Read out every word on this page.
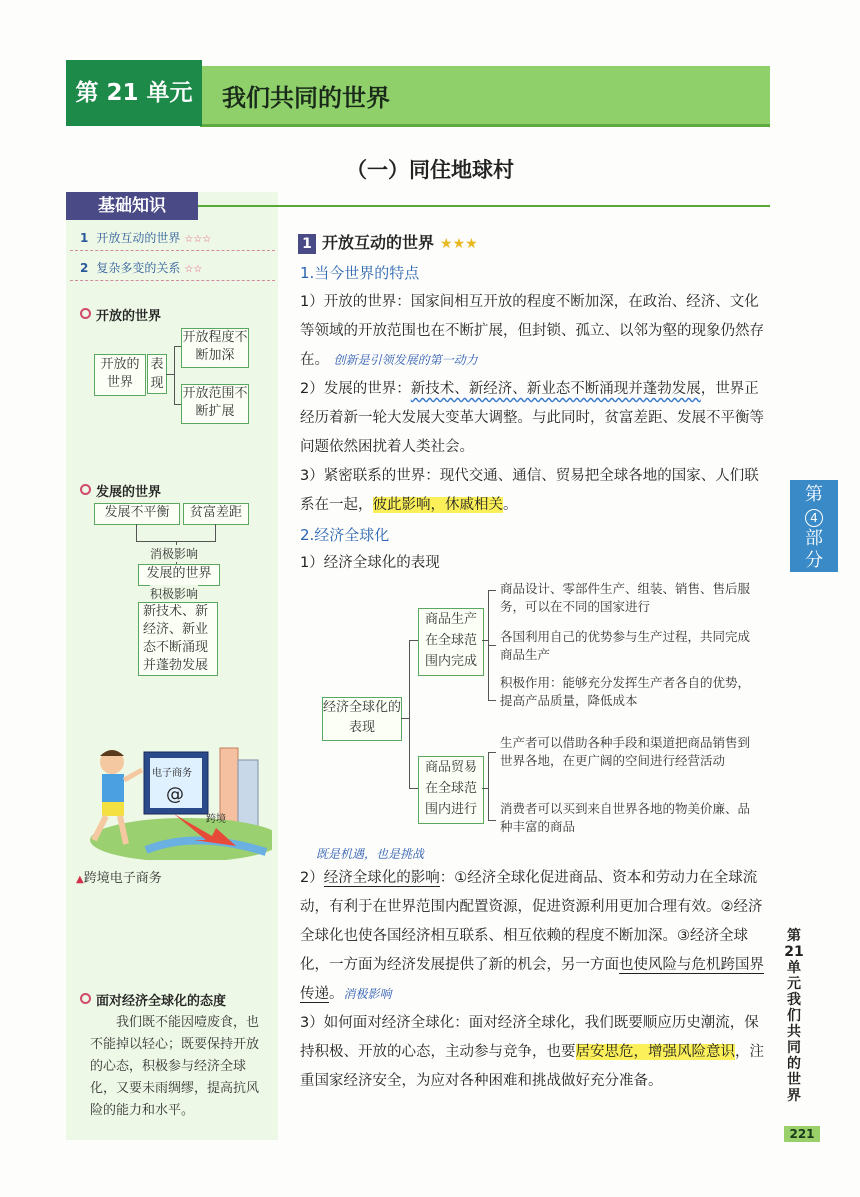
第 21 单元	我们共同的世界
（一）同住地球村
基础知识
1 开放互动的世界 ☆☆☆
2 复杂多变的关系 ☆☆
开放的世界
开放的世界
表现
开放程度不断加深
开放范围不断扩展
发展的世界
发展不平衡	贫富差距
消极影响
发展的世界
积极影响
新技术、新经济、新业态不断涌现并蓬勃发展
电子商务
@
跨境
▲跨境电子商务
面对经济全球化的态度
我们既不能因噎废食，也不能掉以轻心；既要保持开放的心态，积极参与经济全球化，又要未雨绸缪，提高抗风险的能力和水平。
1 开放互动的世界 ★★★
1.当今世界的特点
1）开放的世界：国家间相互开放的程度不断加深，在政治、经济、文化等领域的开放范围也在不断扩展，但封锁、孤立、以邻为壑的现象仍然存在。 创新是引领发展的第一动力
2）发展的世界：新技术、新经济、新业态不断涌现并蓬勃发展，世界正经历着新一轮大发展大变革大调整。与此同时，贫富差距、发展不平衡等问题依然困扰着人类社会。
3）紧密联系的世界：现代交通、通信、贸易把全球各地的国家、人们联系在一起，彼此影响，休戚相关。
2.经济全球化
1）经济全球化的表现
经济全球化的表现
商品生产在全球范围内完成
商品贸易在全球范围内进行
商品设计、零部件生产、组装、销售、售后服务，可以在不同的国家进行
各国利用自己的优势参与生产过程，共同完成商品生产
积极作用：能够充分发挥生产者各自的优势，提高产品质量，降低成本
生产者可以借助各种手段和渠道把商品销售到世界各地，在更广阔的空间进行经营活动
消费者可以买到来自世界各地的物美价廉、品种丰富的商品
既是机遇，也是挑战
2）经济全球化的影响：①经济全球化促进商品、资本和劳动力在全球流动，有利于在世界范围内配置资源，促进资源利用更加合理有效。②经济全球化也使各国经济相互联系、相互依赖的程度不断加深。③经济全球化，一方面为经济发展提供了新的机会，另一方面也使风险与危机跨国界传递。消极影响
3）如何面对经济全球化：面对经济全球化，我们既要顺应历史潮流，保持积极、开放的心态，主动参与竞争，也要居安思危，增强风险意识，注重国家经济安全，为应对各种困难和挑战做好充分准备。
第
4
部
分
第21单元 我们共同的世界
221
